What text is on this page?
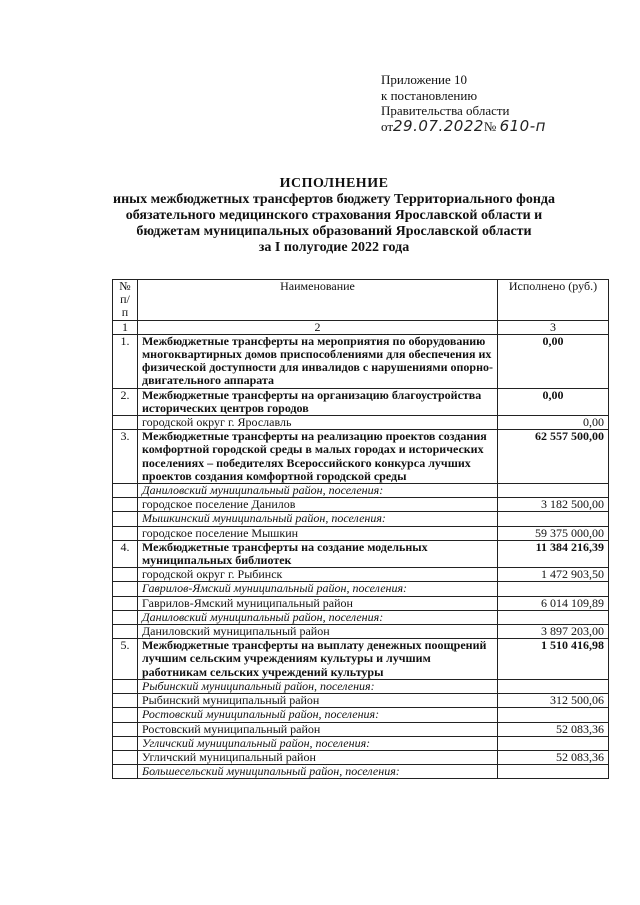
Приложение 10
к постановлению
Правительства области
от29.07.2022№ 610-п
ИСПОЛНЕНИЕ
иных межбюджетных трансфертов бюджету Территориального фонда
обязательного медицинского страхования Ярославской области и
бюджетам муниципальных образований Ярославской области
за I полугодие 2022 года
№ п/п	Наименование	Исполнено (руб.)
1	2	3
1.	Межбюджетные трансферты на мероприятия по оборудованию многоквартирных домов приспособлениями для обеспечения их физической доступности для инвалидов с нарушениями опорно-двигательного аппарата	0,00
2.	Межбюджетные трансферты на организацию благоустройства исторических центров городов	0,00
	городской округ г. Ярославль	0,00
3.	Межбюджетные трансферты на реализацию проектов создания комфортной городской среды в малых городах и исторических поселениях – победителях Всероссийского конкурса лучших проектов создания комфортной городской среды	62 557 500,00
	Даниловский муниципальный район, поселения:	
	городское поселение Данилов	3 182 500,00
	Мышкинский муниципальный район, поселения:	
	городское поселение Мышкин	59 375 000,00
4.	Межбюджетные трансферты на создание модельных муниципальных библиотек	11 384 216,39
	городской округ г. Рыбинск	1 472 903,50
	Гаврилов-Ямский муниципальный район, поселения:	
	Гаврилов-Ямский муниципальный район	6 014 109,89
	Даниловский муниципальный район, поселения:	
	Даниловский муниципальный район	3 897 203,00
5.	Межбюджетные трансферты на выплату денежных поощрений лучшим сельским учреждениям культуры и лучшим работникам сельских учреждений культуры	1 510 416,98
	Рыбинский муниципальный район, поселения:	
	Рыбинский муниципальный район	312 500,06
	Ростовский муниципальный район, поселения:	
	Ростовский муниципальный район	52 083,36
	Угличский муниципальный район, поселения:	
	Угличский муниципальный район	52 083,36
	Большесельский муниципальный район, поселения:	
